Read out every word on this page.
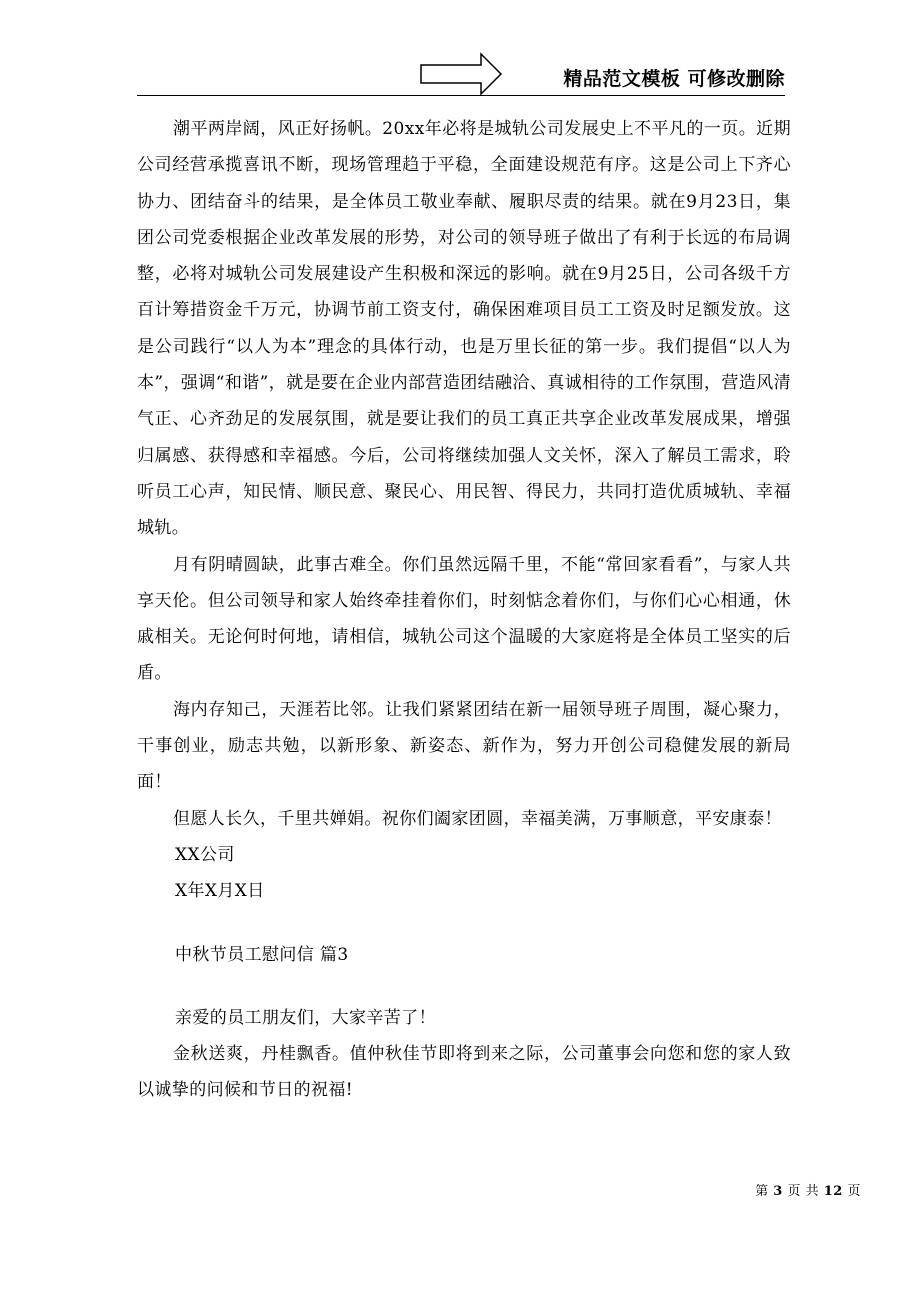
精品范文模板 可修改删除

潮平两岸阔，风正好扬帆。20xx年必将是城轨公司发展史上不平凡的一页。近期公司经营承揽喜讯不断，现场管理趋于平稳，全面建设规范有序。这是公司上下齐心协力、团结奋斗的结果，是全体员工敬业奉献、履职尽责的结果。就在9月23日，集团公司党委根据企业改革发展的形势，对公司的领导班子做出了有利于长远的布局调整，必将对城轨公司发展建设产生积极和深远的影响。就在9月25日，公司各级千方百计筹措资金千万元，协调节前工资支付，确保困难项目员工工资及时足额发放。这是公司践行“以人为本”理念的具体行动，也是万里长征的第一步。我们提倡“以人为本”，强调“和谐”，就是要在企业内部营造团结融洽、真诚相待的工作氛围，营造风清气正、心齐劲足的发展氛围，就是要让我们的员工真正共享企业改革发展成果，增强归属感、获得感和幸福感。今后，公司将继续加强人文关怀，深入了解员工需求，聆听员工心声，知民情、顺民意、聚民心、用民智、得民力，共同打造优质城轨、幸福城轨。

月有阴晴圆缺，此事古难全。你们虽然远隔千里，不能“常回家看看”，与家人共享天伦。但公司领导和家人始终牵挂着你们，时刻惦念着你们，与你们心心相通，休戚相关。无论何时何地，请相信，城轨公司这个温暖的大家庭将是全体员工坚实的后盾。

海内存知己，天涯若比邻。让我们紧紧团结在新一届领导班子周围，凝心聚力，干事创业，励志共勉，以新形象、新姿态、新作为，努力开创公司稳健发展的新局面！

但愿人长久，千里共婵娟。祝你们阖家团圆，幸福美满，万事顺意，平安康泰！

XX公司

X年X月X日

中秋节员工慰问信 篇3

亲爱的员工朋友们，大家辛苦了！

金秋送爽，丹桂飘香。值仲秋佳节即将到来之际，公司董事会向您和您的家人致以诚挚的问候和节日的祝福!

第 3 页 共 12 页
